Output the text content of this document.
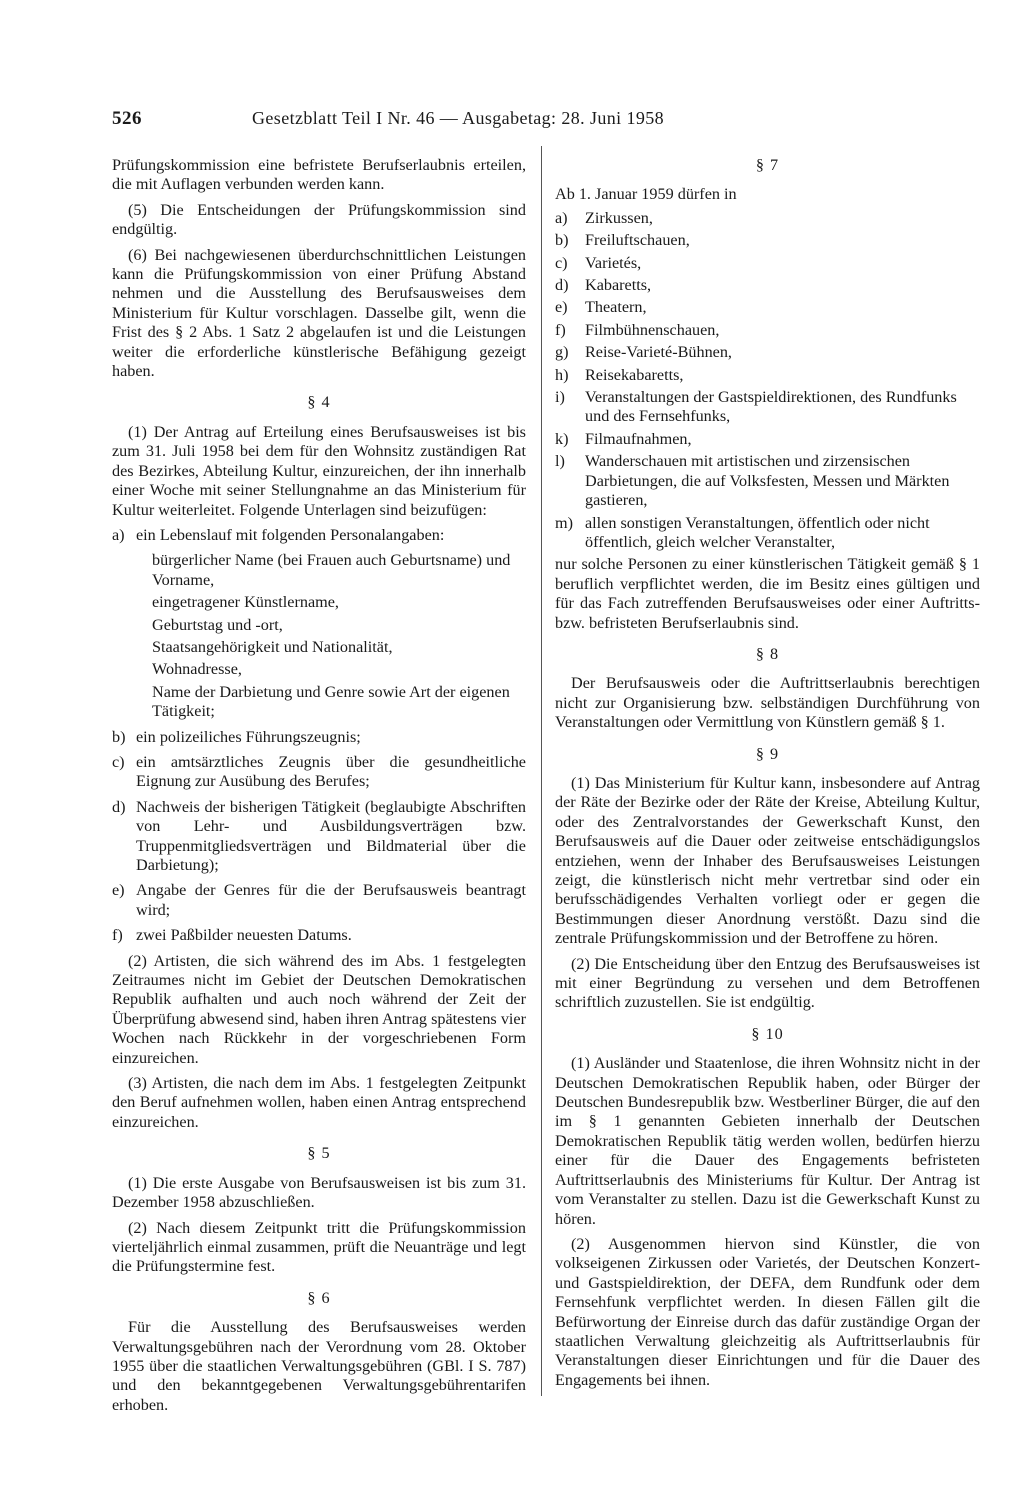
526	Gesetzblatt Teil I Nr. 46 — Ausgabetag: 28. Juni 1958

Prüfungskommission eine befristete Berufserlaubnis erteilen, die mit Auflagen verbunden werden kann.

(5) Die Entscheidungen der Prüfungskommission sind endgültig.

(6) Bei nachgewiesenen überdurchschnittlichen Leistungen kann die Prüfungskommission von einer Prüfung Abstand nehmen und die Ausstellung des Berufsausweises dem Ministerium für Kultur vorschlagen. Dasselbe gilt, wenn die Frist des § 2 Abs. 1 Satz 2 abgelaufen ist und die Leistungen weiter die erforderliche künstlerische Befähigung gezeigt haben.

§ 4

(1) Der Antrag auf Erteilung eines Berufsausweises ist bis zum 31. Juli 1958 bei dem für den Wohnsitz zuständigen Rat des Bezirkes, Abteilung Kultur, einzureichen, der ihn innerhalb einer Woche mit seiner Stellungnahme an das Ministerium für Kultur weiterleitet. Folgende Unterlagen sind beizufügen:

a) ein Lebenslauf mit folgenden Personalangaben:
bürgerlicher Name (bei Frauen auch Geburtsname) und Vorname,
eingetragener Künstlername,
Geburtstag und -ort,
Staatsangehörigkeit und Nationalität,
Wohnadresse,
Name der Darbietung und Genre sowie Art der eigenen Tätigkeit;
b) ein polizeiliches Führungszeugnis;
c) ein amtsärztliches Zeugnis über die gesundheitliche Eignung zur Ausübung des Berufes;
d) Nachweis der bisherigen Tätigkeit (beglaubigte Abschriften von Lehr- und Ausbildungsverträgen bzw. Truppenmitgliedsverträgen und Bildmaterial über die Darbietung);
e) Angabe der Genres für die der Berufsausweis beantragt wird;
f) zwei Paßbilder neuesten Datums.

(2) Artisten, die sich während des im Abs. 1 festgelegten Zeitraumes nicht im Gebiet der Deutschen Demokratischen Republik aufhalten und auch noch während der Zeit der Überprüfung abwesend sind, haben ihren Antrag spätestens vier Wochen nach Rückkehr in der vorgeschriebenen Form einzureichen.

(3) Artisten, die nach dem im Abs. 1 festgelegten Zeitpunkt den Beruf aufnehmen wollen, haben einen Antrag entsprechend einzureichen.

§ 5

(1) Die erste Ausgabe von Berufsausweisen ist bis zum 31. Dezember 1958 abzuschließen.

(2) Nach diesem Zeitpunkt tritt die Prüfungskommission vierteljährlich einmal zusammen, prüft die Neuanträge und legt die Prüfungstermine fest.

§ 6

Für die Ausstellung des Berufsausweises werden Verwaltungsgebühren nach der Verordnung vom 28. Oktober 1955 über die staatlichen Verwaltungsgebühren (GBl. I S. 787) und den bekanntgegebenen Verwaltungsgebührentarifen erhoben.

§ 7

Ab 1. Januar 1959 dürfen in

a)	Zirkussen,
b)	Freiluftschauen,
c)	Varietés,
d)	Kabaretts,
e)	Theatern,
f)	Filmbühnenschauen,
g)	Reise-Varieté-Bühnen,
h)	Reisekabaretts,
i)	Veranstaltungen der Gastspieldirektionen, des Rundfunks und des Fernsehfunks,
k)	Filmaufnahmen,
l)	Wanderschauen mit artistischen und zirzensischen Darbietungen, die auf Volksfesten, Messen und Märkten gastieren,
m) allen sonstigen Veranstaltungen, öffentlich oder nicht öffentlich, gleich welcher Veranstalter,

nur solche Personen zu einer künstlerischen Tätigkeit gemäß § 1 beruflich verpflichtet werden, die im Besitz eines gültigen und für das Fach zutreffenden Berufsausweises oder einer Auftritts- bzw. befristeten Berufserlaubnis sind.

§ 8

Der Berufsausweis oder die Auftrittserlaubnis berechtigen nicht zur Organisierung bzw. selbständigen Durchführung von Veranstaltungen oder Vermittlung von Künstlern gemäß § 1.

§ 9

(1) Das Ministerium für Kultur kann, insbesondere auf Antrag der Räte der Bezirke oder der Räte der Kreise, Abteilung Kultur, oder des Zentralvorstandes der Gewerkschaft Kunst, den Berufsausweis auf die Dauer oder zeitweise entschädigungslos entziehen, wenn der Inhaber des Berufsausweises Leistungen zeigt, die künstlerisch nicht mehr vertretbar sind oder ein berufsschädigendes Verhalten vorliegt oder er gegen die Bestimmungen dieser Anordnung verstößt. Dazu sind die zentrale Prüfungskommission und der Betroffene zu hören.

(2) Die Entscheidung über den Entzug des Berufsausweises ist mit einer Begründung zu versehen und dem Betroffenen schriftlich zuzustellen. Sie ist endgültig.

§ 10

(1) Ausländer und Staatenlose, die ihren Wohnsitz nicht in der Deutschen Demokratischen Republik haben, oder Bürger der Deutschen Bundesrepublik bzw. Westberliner Bürger, die auf den im § 1 genannten Gebieten innerhalb der Deutschen Demokratischen Republik tätig werden wollen, bedürfen hierzu einer für die Dauer des Engagements befristeten Auftrittserlaubnis des Ministeriums für Kultur. Der Antrag ist vom Veranstalter zu stellen. Dazu ist die Gewerkschaft Kunst zu hören.

(2) Ausgenommen hiervon sind Künstler, die von volkseigenen Zirkussen oder Varietés, der Deutschen Konzert- und Gastspieldirektion, der DEFA, dem Rundfunk oder dem Fernsehfunk verpflichtet werden. In diesen Fällen gilt die Befürwortung der Einreise durch das dafür zuständige Organ der staatlichen Verwaltung gleichzeitig als Auftrittserlaubnis für Veranstaltungen dieser Einrichtungen und für die Dauer des Engagements bei ihnen.
